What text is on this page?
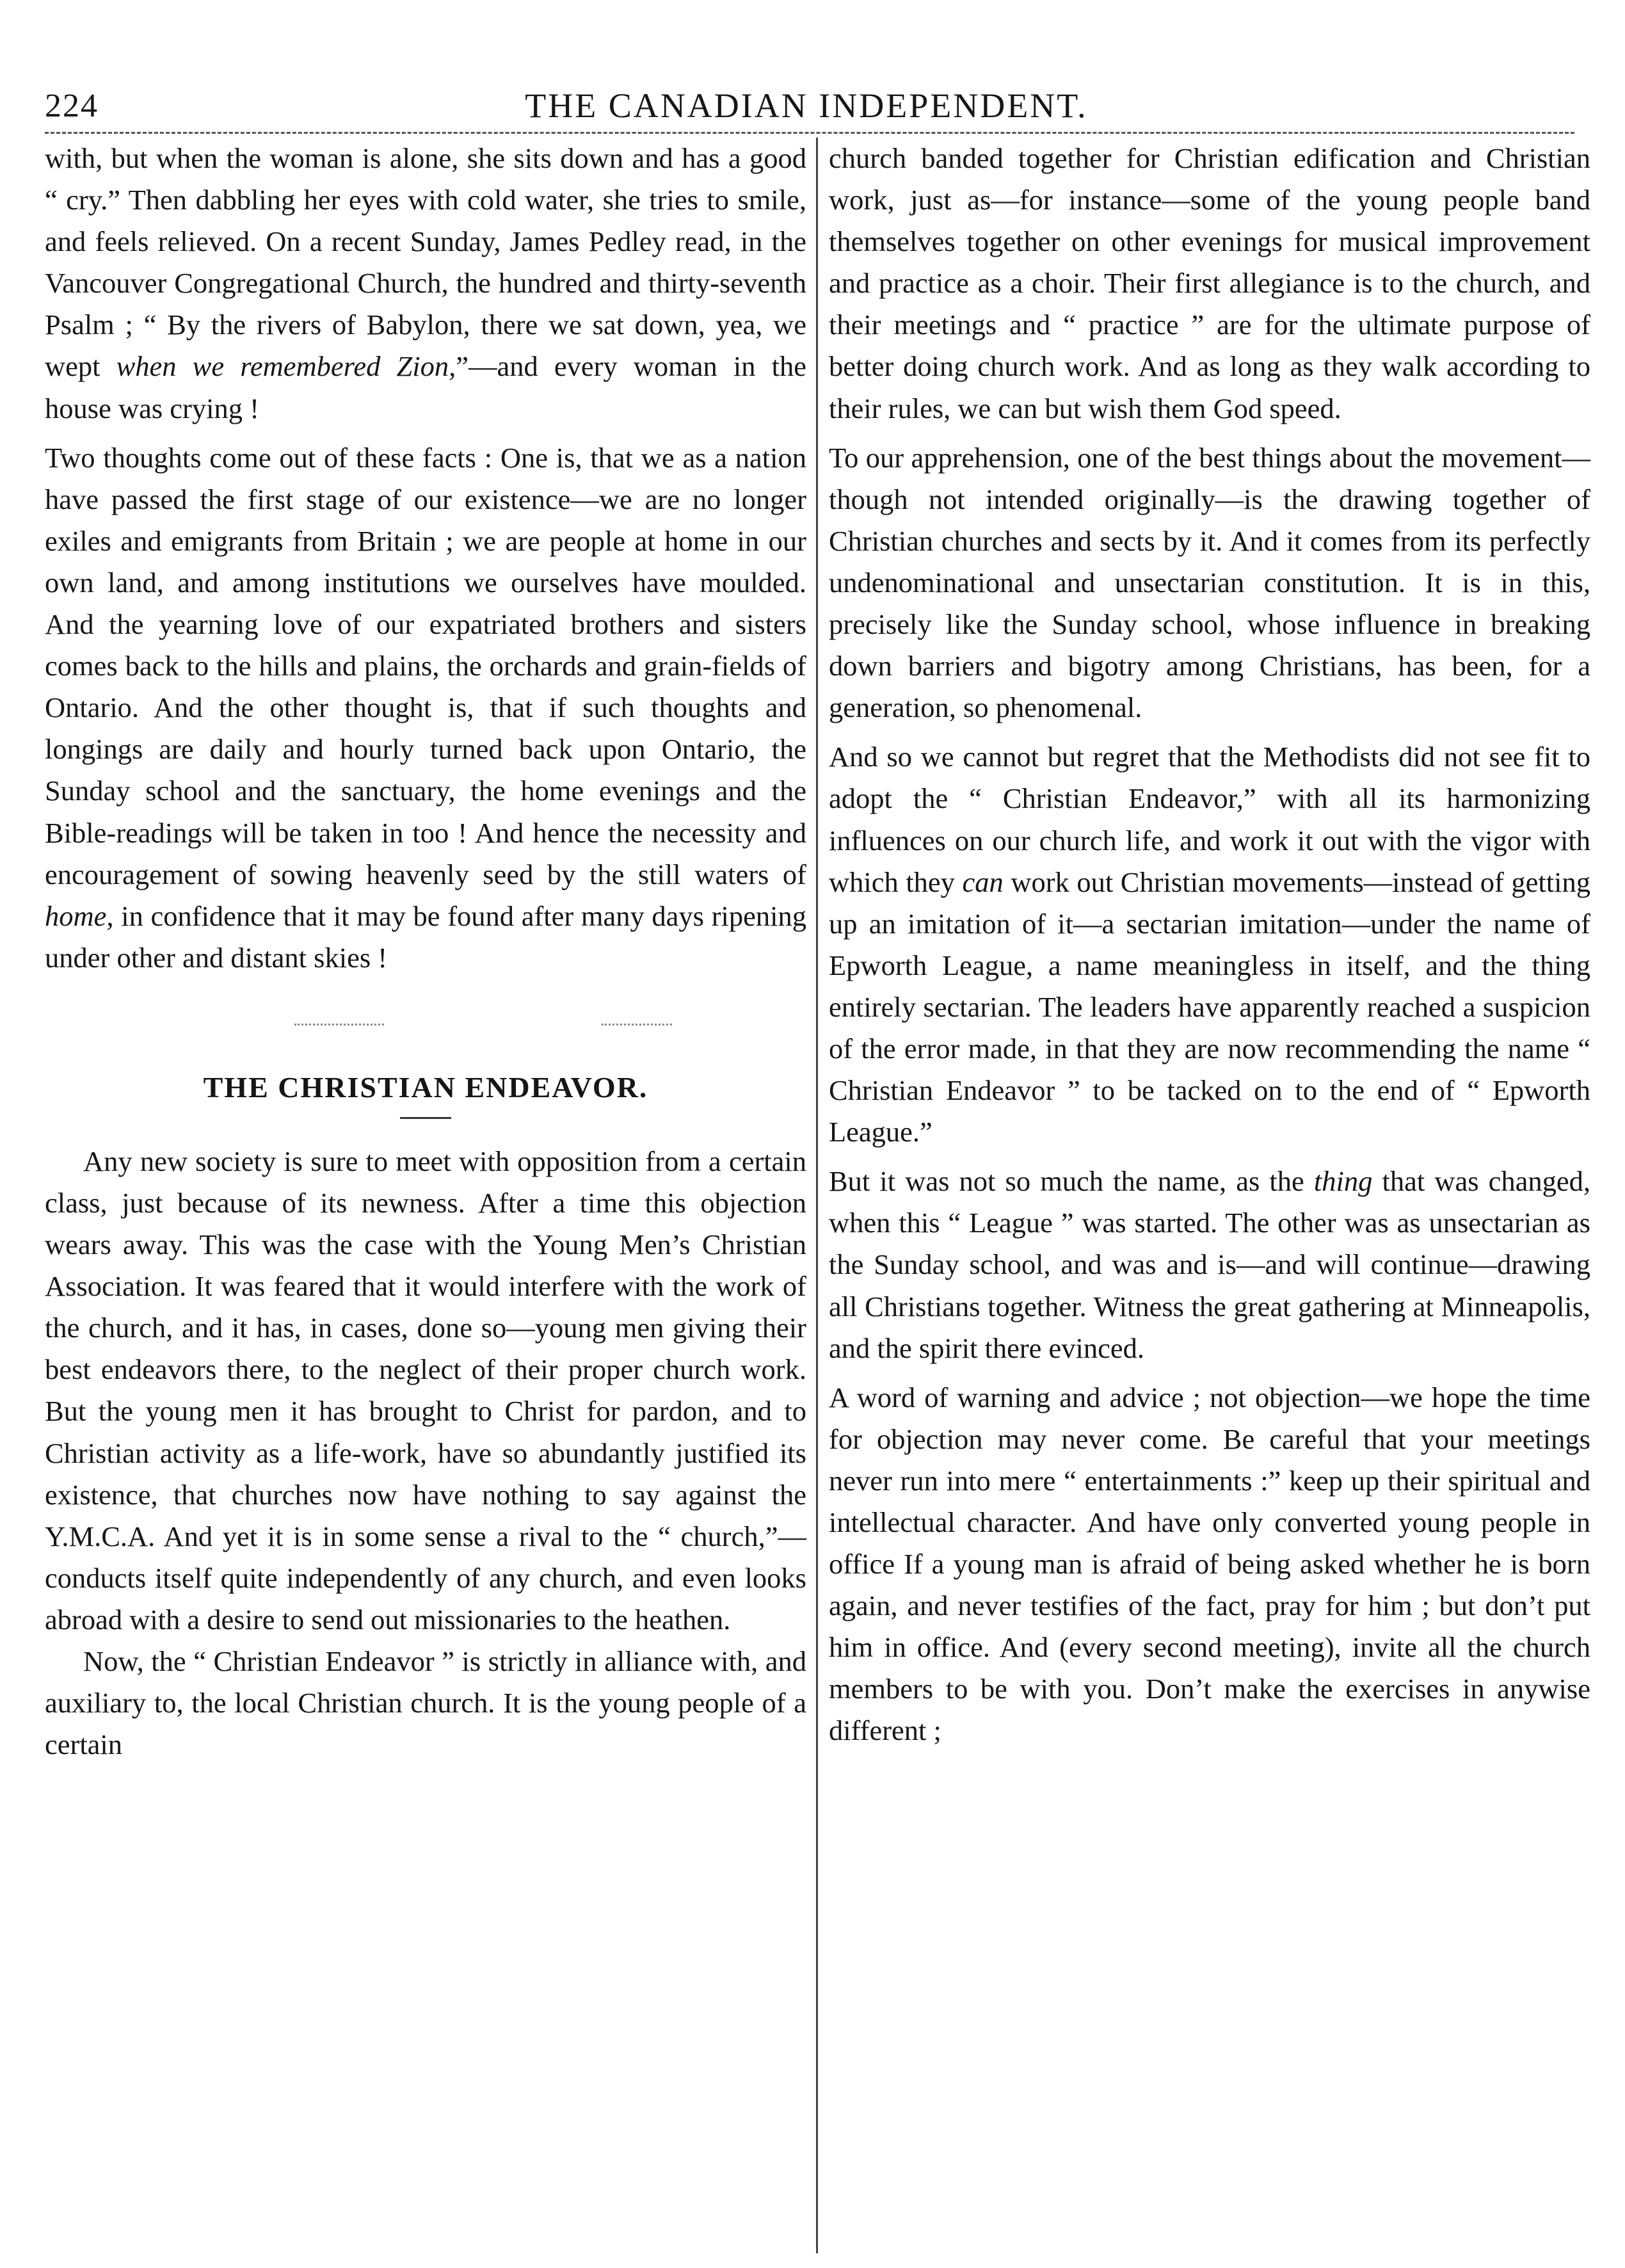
224	THE CANADIAN INDEPENDENT.

with, but when the woman is alone, she sits down and has a good “ cry.” Then dabbling her eyes with cold water, she tries to smile, and feels relieved. On a recent Sunday, James Pedley read, in the Vancouver Congregational Church, the hundred and thirty-seventh Psalm ; “ By the rivers of Babylon, there we sat down, yea, we wept when we remembered Zion,”—and every woman in the house was crying !

Two thoughts come out of these facts : One is, that we as a nation have passed the first stage of our existence—we are no longer exiles and emigrants from Britain ; we are people at home in our own land, and among institutions we ourselves have moulded. And the yearning love of our expatriated brothers and sisters comes back to the hills and plains, the orchards and grain-fields of Ontario. And the other thought is, that if such thoughts and longings are daily and hourly turned back upon Ontario, the Sunday school and the sanctuary, the home evenings and the Bible-readings will be taken in too ! And hence the necessity and encouragement of sowing heavenly seed by the still waters of home, in confidence that it may be found after many days ripening under other and distant skies !

THE CHRISTIAN ENDEAVOR.

Any new society is sure to meet with opposition from a certain class, just because of its newness. After a time this objection wears away. This was the case with the Young Men’s Christian Association. It was feared that it would interfere with the work of the church, and it has, in cases, done so—young men giving their best endeavors there, to the neglect of their proper church work. But the young men it has brought to Christ for pardon, and to Christian activity as a life-work, have so abundantly justified its existence, that churches now have nothing to say against the Y.M.C.A. And yet it is in some sense a rival to the “ church,”—conducts itself quite independently of any church, and even looks abroad with a desire to send out missionaries to the heathen.

Now, the “ Christian Endeavor ” is strictly in alliance with, and auxiliary to, the local Christian church. It is the young people of a certain

church banded together for Christian edification and Christian work, just as—for instance—some of the young people band themselves together on other evenings for musical improvement and practice as a choir. Their first allegiance is to the church, and their meetings and “ practice ” are for the ultimate purpose of better doing church work. And as long as they walk according to their rules, we can but wish them God speed.

To our apprehension, one of the best things about the movement—though not intended originally—is the drawing together of Christian churches and sects by it. And it comes from its perfectly undenominational and unsectarian constitution. It is in this, precisely like the Sunday school, whose influence in breaking down barriers and bigotry among Christians, has been, for a generation, so phenomenal.

And so we cannot but regret that the Methodists did not see fit to adopt the “ Christian Endeavor,” with all its harmonizing influences on our church life, and work it out with the vigor with which they can work out Christian movements—instead of getting up an imitation of it—a sectarian imitation—under the name of Epworth League, a name meaningless in itself, and the thing entirely sectarian. The leaders have apparently reached a suspicion of the error made, in that they are now recommending the name “ Christian Endeavor ” to be tacked on to the end of “ Epworth League.”

But it was not so much the name, as the thing that was changed, when this “ League ” was started. The other was as unsectarian as the Sunday school, and was and is—and will continue—drawing all Christians together. Witness the great gathering at Minneapolis, and the spirit there evinced.

A word of warning and advice ; not objection—we hope the time for objection may never come. Be careful that your meetings never run into mere “ entertainments :” keep up their spiritual and intellectual character. And have only converted young people in office If a young man is afraid of being asked whether he is born again, and never testifies of the fact, pray for him ; but don’t put him in office. And (every second meeting), invite all the church members to be with you. Don’t make the exercises in anywise different ;
